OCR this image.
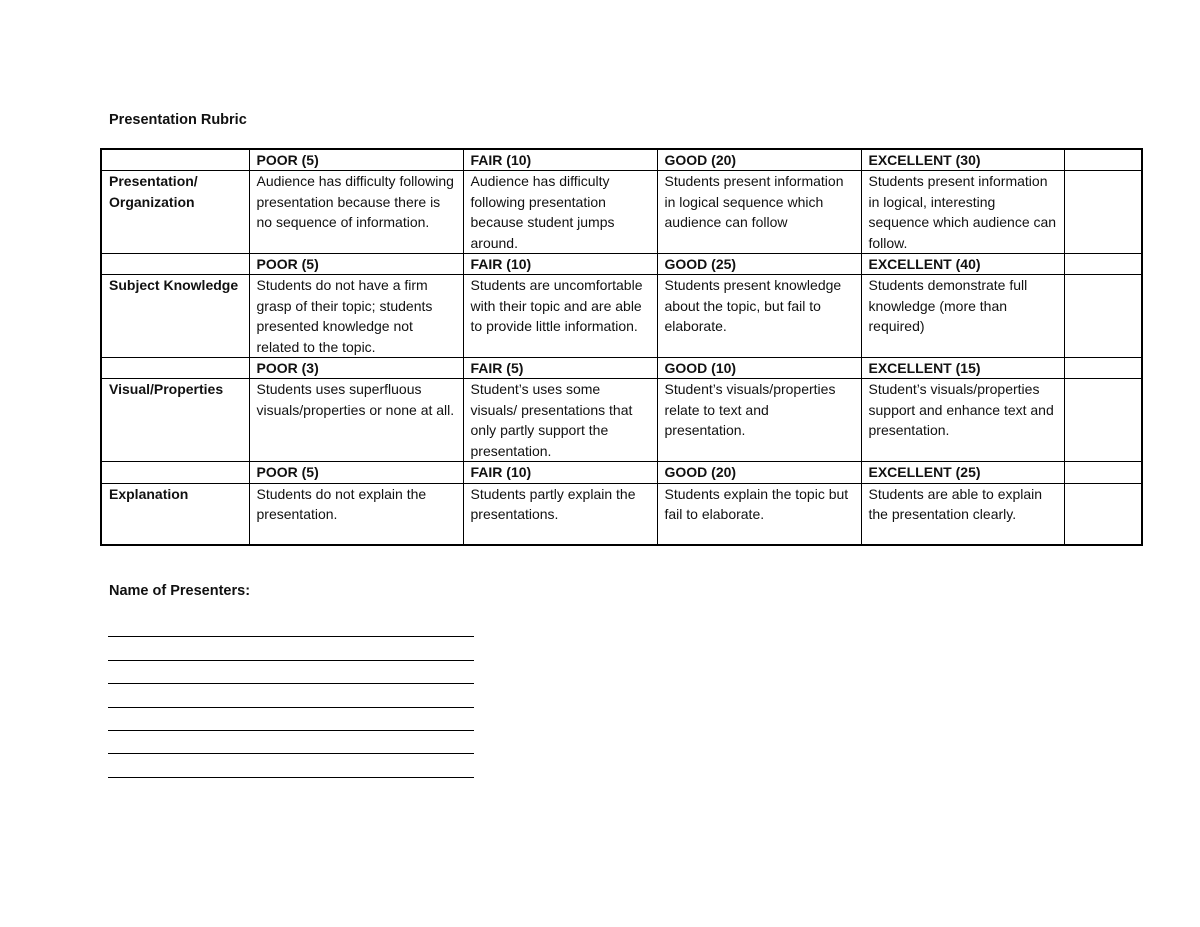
Presentation Rubric
	POOR (5)	FAIR (10)	GOOD (20)	EXCELLENT (30)	
Presentation/ Organization	Audience has difficulty following presentation because there is no sequence of information.	Audience has difficulty following presentation because student jumps around.	Students present information in logical sequence which audience can follow	Students present information in logical, interesting sequence which audience can follow.	
	POOR (5)	FAIR (10)	GOOD (25)	EXCELLENT (40)	
Subject Knowledge	Students do not have a firm grasp of their topic; students presented knowledge not related to the topic.	Students are uncomfortable with their topic and are able to provide little information.	Students present knowledge about the topic, but fail to elaborate.	Students demonstrate full knowledge (more than required)	
	POOR (3)	FAIR (5)	GOOD (10)	EXCELLENT (15)	
Visual/Properties	Students uses superfluous visuals/properties or none at all.	Student’s uses some visuals/ presentations that only partly support the presentation.	Student’s visuals/properties relate to text and presentation.	Student’s visuals/properties support and enhance text and presentation.	
	POOR (5)	FAIR (10)	GOOD (20)	EXCELLENT (25)	
Explanation	Students do not explain the presentation.	Students partly explain the presentations.	Students explain the topic but fail to elaborate.	Students are able to explain the presentation clearly.	
Name of Presenters:
